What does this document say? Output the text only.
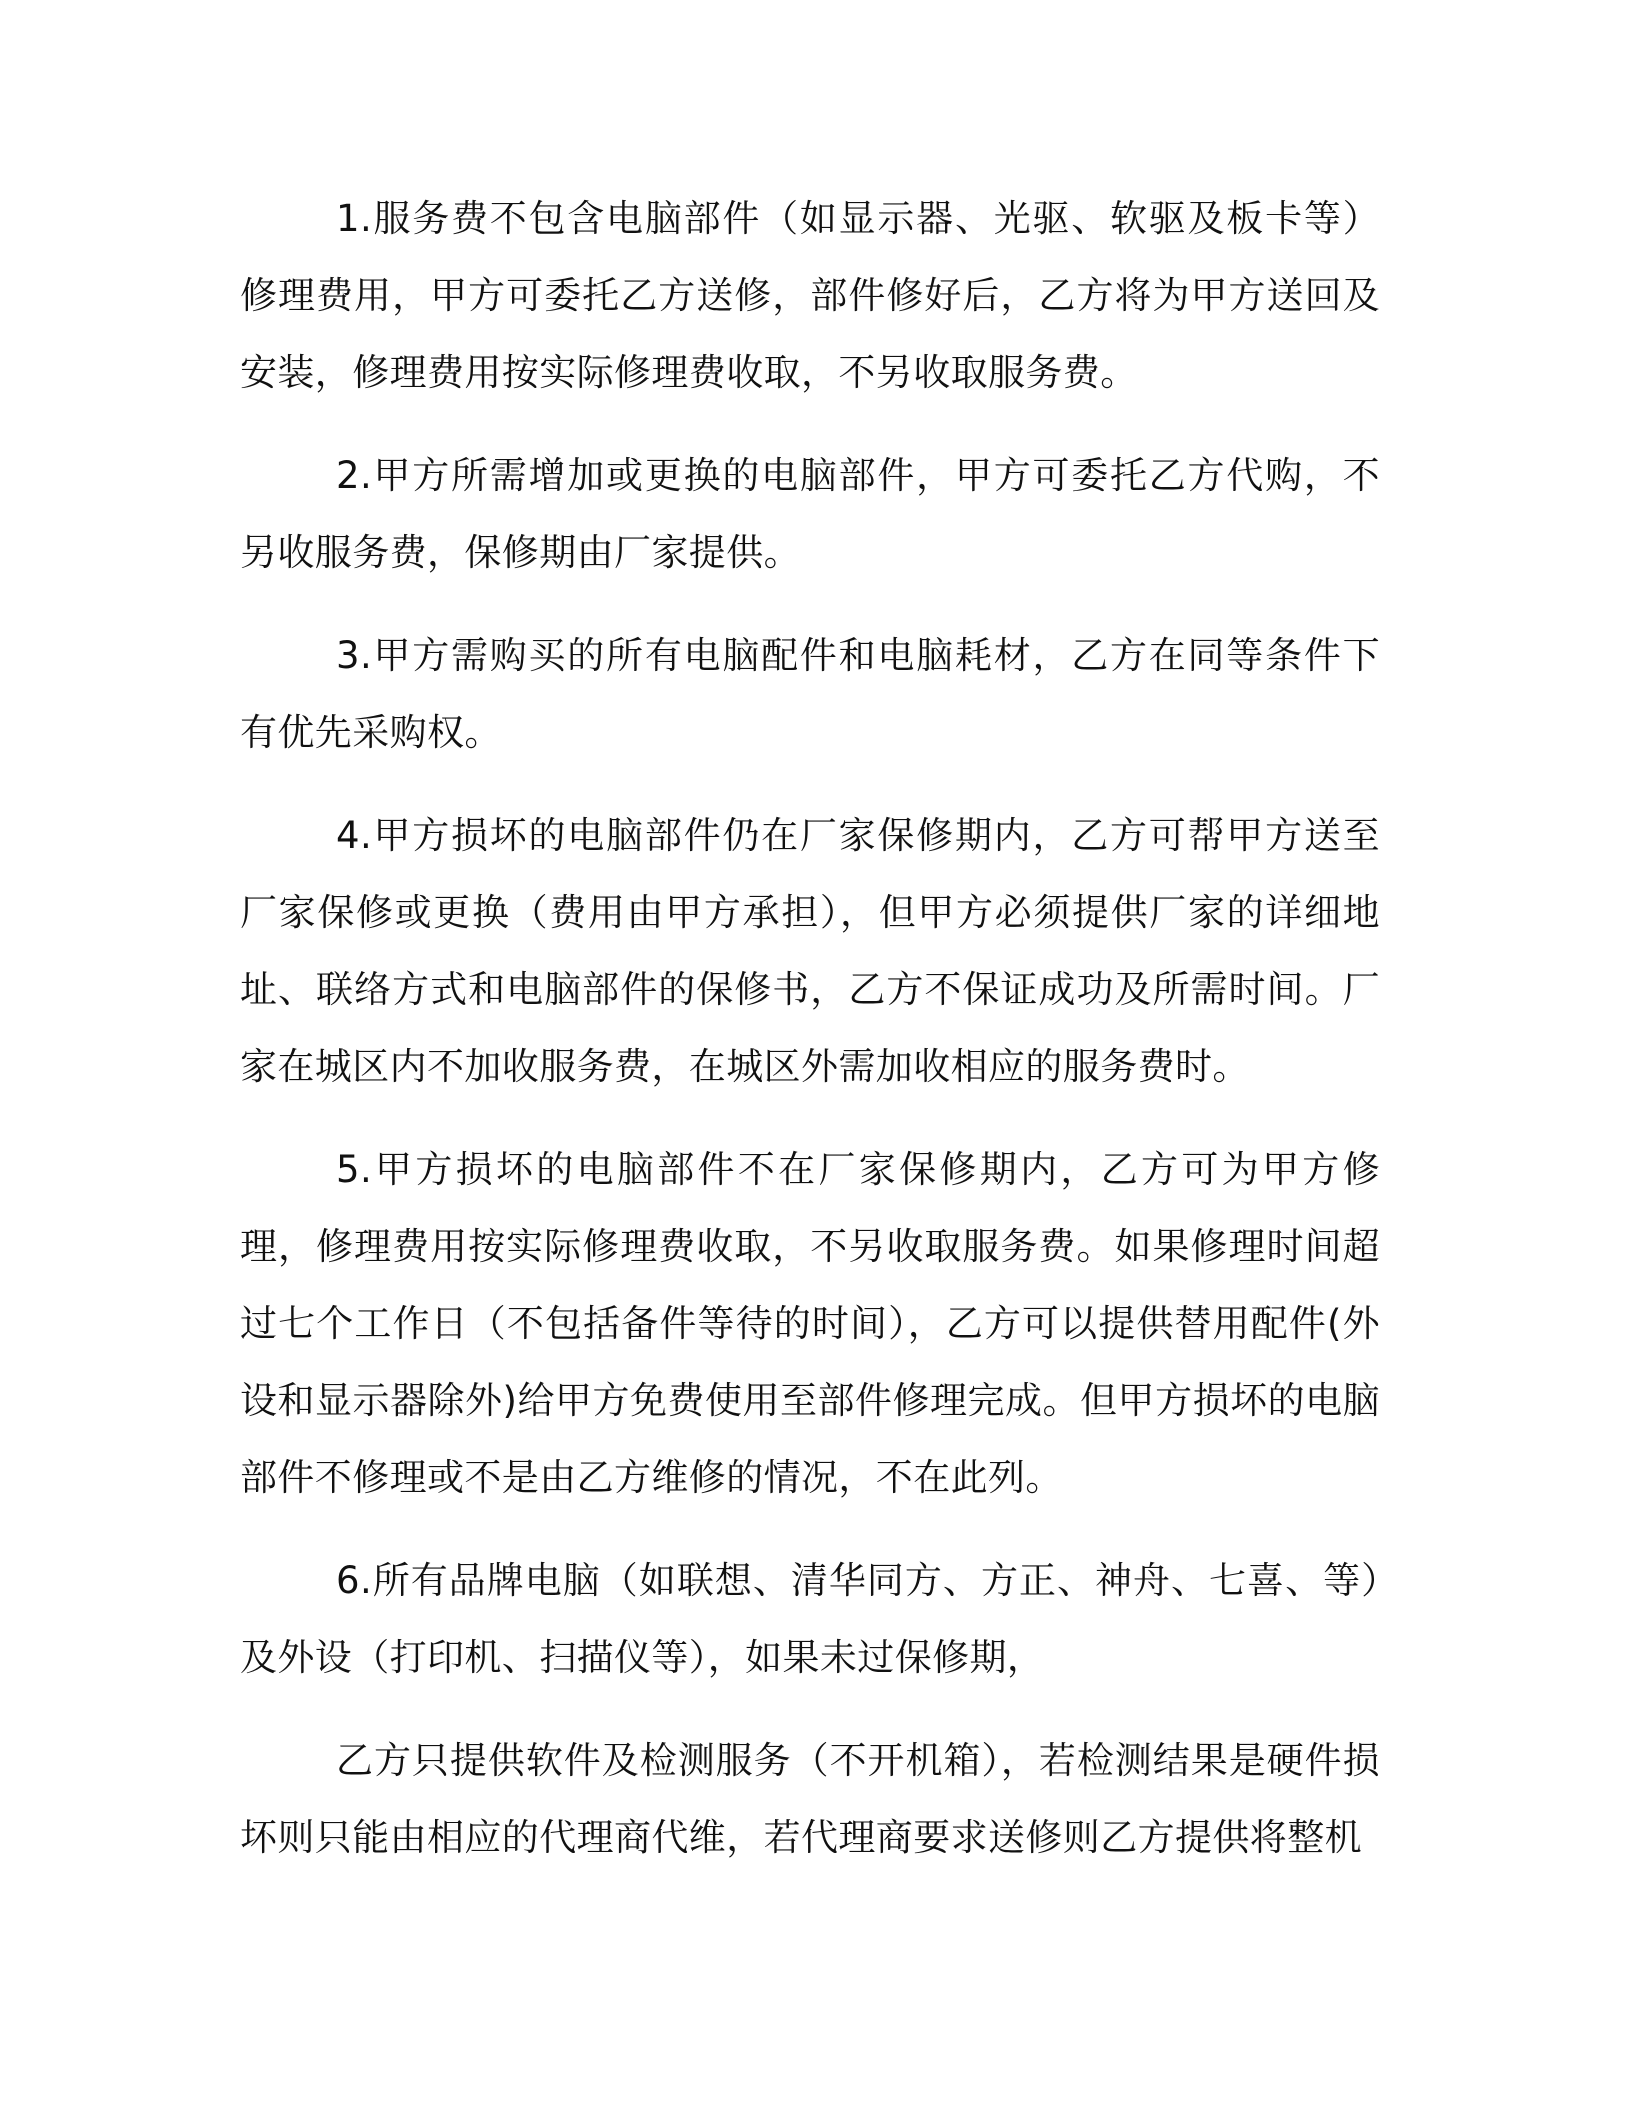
1.服务费不包含电脑部件（如显示器、光驱、软驱及板卡等）修理费用，甲方可委托乙方送修，部件修好后，乙方将为甲方送回及安装，修理费用按实际修理费收取，不另收取服务费。

2.甲方所需增加或更换的电脑部件，甲方可委托乙方代购，不另收服务费，保修期由厂家提供。

3.甲方需购买的所有电脑配件和电脑耗材，乙方在同等条件下有优先采购权。

4.甲方损坏的电脑部件仍在厂家保修期内，乙方可帮甲方送至厂家保修或更换（费用由甲方承担），但甲方必须提供厂家的详细地址、联络方式和电脑部件的保修书，乙方不保证成功及所需时间。厂家在城区内不加收服务费，在城区外需加收相应的服务费时。

5.甲方损坏的电脑部件不在厂家保修期内，乙方可为甲方修理，修理费用按实际修理费收取，不另收取服务费。如果修理时间超过七个工作日（不包括备件等待的时间），乙方可以提供替用配件(外设和显示器除外)给甲方免费使用至部件修理完成。但甲方损坏的电脑部件不修理或不是由乙方维修的情况，不在此列。

6.所有品牌电脑（如联想、清华同方、方正、神舟、七喜、等）及外设（打印机、扫描仪等），如果未过保修期，

乙方只提供软件及检测服务（不开机箱），若检测结果是硬件损坏则只能由相应的代理商代维，若代理商要求送修则乙方提供将整机
